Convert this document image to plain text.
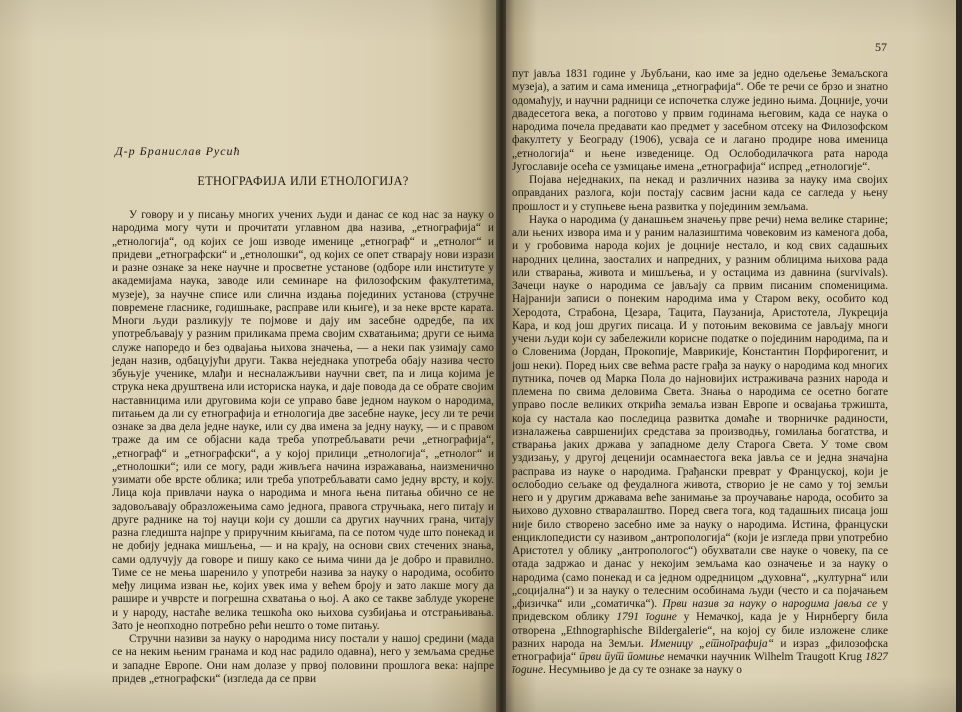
Д-р Бранислав Русић
ЕТНОГРАФИЈА ИЛИ ЕТНОЛОГИЈА?

У говору и у писању многих учених људи и данас се код нас за науку о народима могу чути и прочитати углавном два назива, „етнографија“ и „етнологија“, од којих се још изводе именице „етнограф“ и „етнолог“ и придеви „етнографски“ и „етнолошки“, од којих се опет стварају нови изрази и разне ознаке за неке научне и просветне установе (одборе или институте у академијама наука, заводе или семинаре на филозофским факултетима, музеје), за научне списе или слична издања појединих установа (стручне повремене гласнике, годишњаке, расправе или књиге), и за неке врсте карата. Многи људи разликују те појмове и дају им засебне одредбе, па их употребљавају у разним приликама према својим схватањима; други се њима служе напоредо и без одвајања њихова значења, — а неки пак узимају само један назив, одбацујући други. Таква неједнака употреба обају назива често збуњује ученике, млађи и несналажљиви научни свет, па и лица којима је струка нека друштвена или историска наука, и даје повода да се обрате својим наставницима или друговима који се управо баве једном науком о народима, питањем да ли су етнографија и етнологија две засебне науке, јесу ли те речи ознаке за два дела једне науке, или су два имена за једну науку, — и с правом траже да им се објасни када треба употребљавати речи „етнографија“, „етнограф“ и „етнографски“, а у којој прилици „етнологија“, „етнолог“ и „етнолошки“; или се могу, ради живљега начина изражавања, наизменично узимати обе врсте облика; или треба употребљавати само једну врсту, и коју. Лица која привлачи наука о народима и многа њена питања обично се не задовољавају образложењима само једнога, правога стручњака, него питају и друге раднике на тој науци који су дошли са других научних грана, читају разна гледишта најпре у приручним књигама, па се потом чуде што понекад и не добију једнака мишљења, — и на крају, на основи свих стечених знања, сами одлучују да говоре и пишу како се њима чини да је добро и правилно. Тиме се не мења шаренило у употреби назива за науку о народима, особито међу лицима изван ње, којих увек има у већем броју и зато лакше могу да рашире и учврсте и погрешна схватања о њој. А ако се такве заблуде укорене и у народу, настаће велика тешкоћа око њихова сузбијања и отстрањивања. Зато је неопходно потребно рећи нешто о томе питању.

Стручни називи за науку о народима нису постали у нашој средини (мада се на неким њеним гранама и код нас радило одавна), него у земљама средње и западне Европе. Они нам долазе у првој половини прошлога века: најпре придев „етнографски“ (изгледа да се први

57

пут јавља 1831 године у Љубљани, као име за једно одељење Земаљскога музеја), а затим и сама именица „етнографија“. Обе те речи се брзо и знатно одомаћују, и научни радници се испочетка служе једино њима. Доцније, уочи двадесетога века, а поготово у првим годинама његовим, када се наука о народима почела предавати као предмет у засебном отсеку на Филозофском факултету у Београду (1906), усваја се и лагано продире нова именица „етнологија“ и њене изведенице. Од Ослободилачкога рата народа Југославије осећа се узмицање имена „етнографија“ испред „етнологије“.

Појава неједнаких, па некад и различних назива за науку има својих оправданих разлога, који постају сасвим јасни када се сагледа у њену прошлост и у ступњеве њена развитка у појединим земљама.

Наука о народима (у данашњем значењу прве речи) нема велике старине; али њених извора има и у раним налазиштима човековим из каменога доба, и у гробовима народа којих је доцније нестало, и код свих садашњих народних целина, заосталих и напредних, у разним облицима њихова рада или стварања, живота и мишљења, и у остацима из давнина (survivals). Зачеци науке о народима се јављају са првим писаним споменицима. Најранији записи о понеким народима има у Старом веку, особито код Херодота, Страбона, Цезара, Тацита, Паузанија, Аристотела, Лукреција Кара, и код још других писаца. И у потоњим вековима се јављају многи учени људи који су забележили корисне податке о појединим народима, па и о Словенима (Јордан, Прокопије, Маврикије, Константин Порфирогенит, и још неки). Поред њих све већма расте грађа за науку о народима код многих путника, почев од Марка Пола до најновијих истраживача разних народа и племена по свима деловима Света. Знања о народима се осетно богате управо после великих открића земаља изван Европе и освајања тржишта, која су настала као последица развитка домаће и творничке радиности, изналажења савршенијих средстава за производњу, гомилања богатства, и стварања јаких држава у западноме делу Старога Света. У томе свом уздизању, у другој деценији осамнаестога века јавља се и једна значајна расправа из науке о народима. Грађански преврат у Француској, који је ослободио сељаке од феудалнога живота, створио је не само у тој земљи него и у другим државама веће занимање за проучавање народа, особито за њихово духовно стваралаштво. Поред свега тога, код тадашњих писаца још није било створено засебно име за науку о народима. Истина, француски енциклопедисти су називом „антропологија“ (који је изгледа први употребио Аристотел у облику „антропологос“) обухватали све науке о човеку, па се отада задржао и данас у некојим земљама као означење и за науку о народима (само понекад и са једном одредницом „духовна“, „културна“ или „социјална“) и за науку о телесним особинама људи (често и са појачањем „физичка“ или „соматичка“). Први назив за науку о народима јавља се у придевском облику 1791 године у Немачкој, када је у Нирнбергу била отворена „Ethnographische Bildergalerie“, на којој су биле изложене слике разних народа на Земљи. Именицу „етнографија“ и израз „филозофска етнографија“ први пут помиње немачки научник Wilhelm Traugott Krug 1827 године. Несумњиво је да су те ознаке за науку о
